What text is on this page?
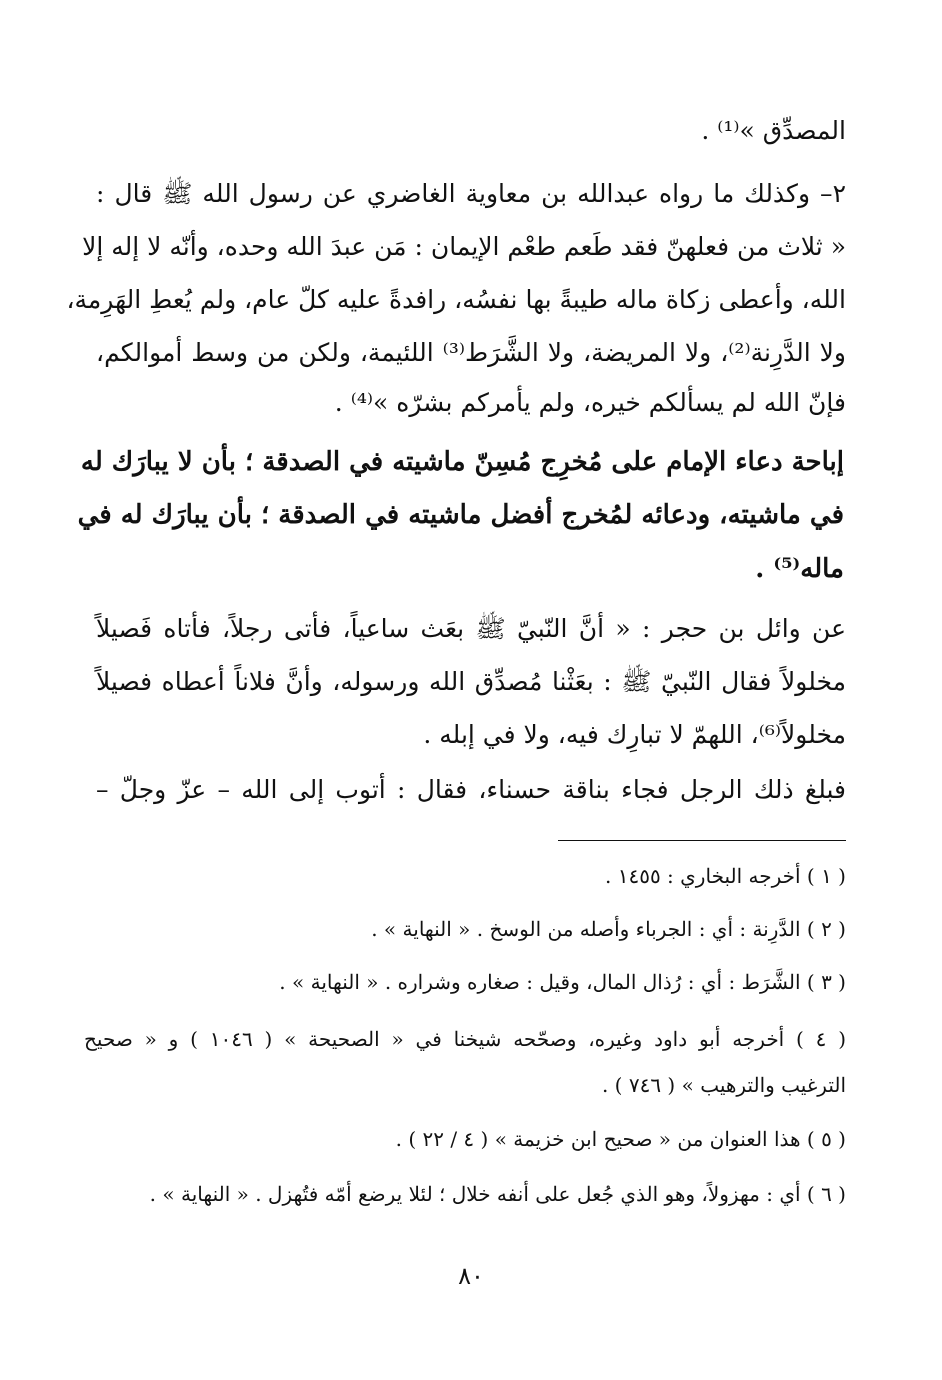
المصدِّق »⁽¹⁾ .
٢– وكذلك ما رواه عبدالله بن معاوية الغاضري عن رسول الله ﷺ قال :
« ثلاث من فعلهنّ فقد طَعم طعْم الإيمان : مَن عبدَ الله وحده، وأنّه لا إله إلا
الله، وأعطى زكاة ماله طيبةً بها نفسُه، رافدةً عليه كلّ عام، ولم يُعطِ الهَرِمة،
ولا الدَّرِنة⁽²⁾، ولا المريضة، ولا الشَّرَط⁽³⁾ اللئيمة، ولكن من وسط أموالكم،
فإنّ الله لم يسألكم خيره، ولم يأمركم بشرّه »⁽⁴⁾ .
إباحة دعاء الإمام على مُخرِج مُسِنّ ماشيته في الصدقة ؛ بأن لا يبارَك له
في ماشيته، ودعائه لمُخرج أفضل ماشيته في الصدقة ؛ بأن يبارَك له في
ماله⁽⁵⁾ .
عن وائل بن حجر : « أنَّ النّبيّ ﷺ بعَث ساعياً، فأتى رجلاً، فأتاه فَصيلاً
مخلولاً فقال النّبيّ ﷺ : بعَثْنا مُصدِّق الله ورسوله، وأنَّ فلاناً أعطاه فصيلاً
مخلولاً⁽⁶⁾، اللهمّ لا تبارِك فيه، ولا في إبله .
فبلغ ذلك الرجل فجاء بناقة حسناء، فقال : أتوب إلى الله – عزّ وجلّ –
( ١ ) أخرجه البخاري : ١٤٥٥ .
( ٢ ) الدَّرِنة : أي : الجرباء وأصله من الوسخ . « النهاية » .
( ٣ ) الشَّرَط : أي : رُذال المال، وقيل : صغاره وشراره . « النهاية » .
( ٤ ) أخرجه أبو داود وغيره، وصحّحه شيخنا في « الصحيحة » ( ١٠٤٦ ) و « صحيح
الترغيب والترهيب » ( ٧٤٦ ) .
( ٥ ) هذا العنوان من « صحيح ابن خزيمة » ( ٤ / ٢٢ ) .
( ٦ ) أي : مهزولاً، وهو الذي جُعل على أنفه خلال ؛ لئلا يرضع أمّه فتُهزل . « النهاية » .
٨٠
